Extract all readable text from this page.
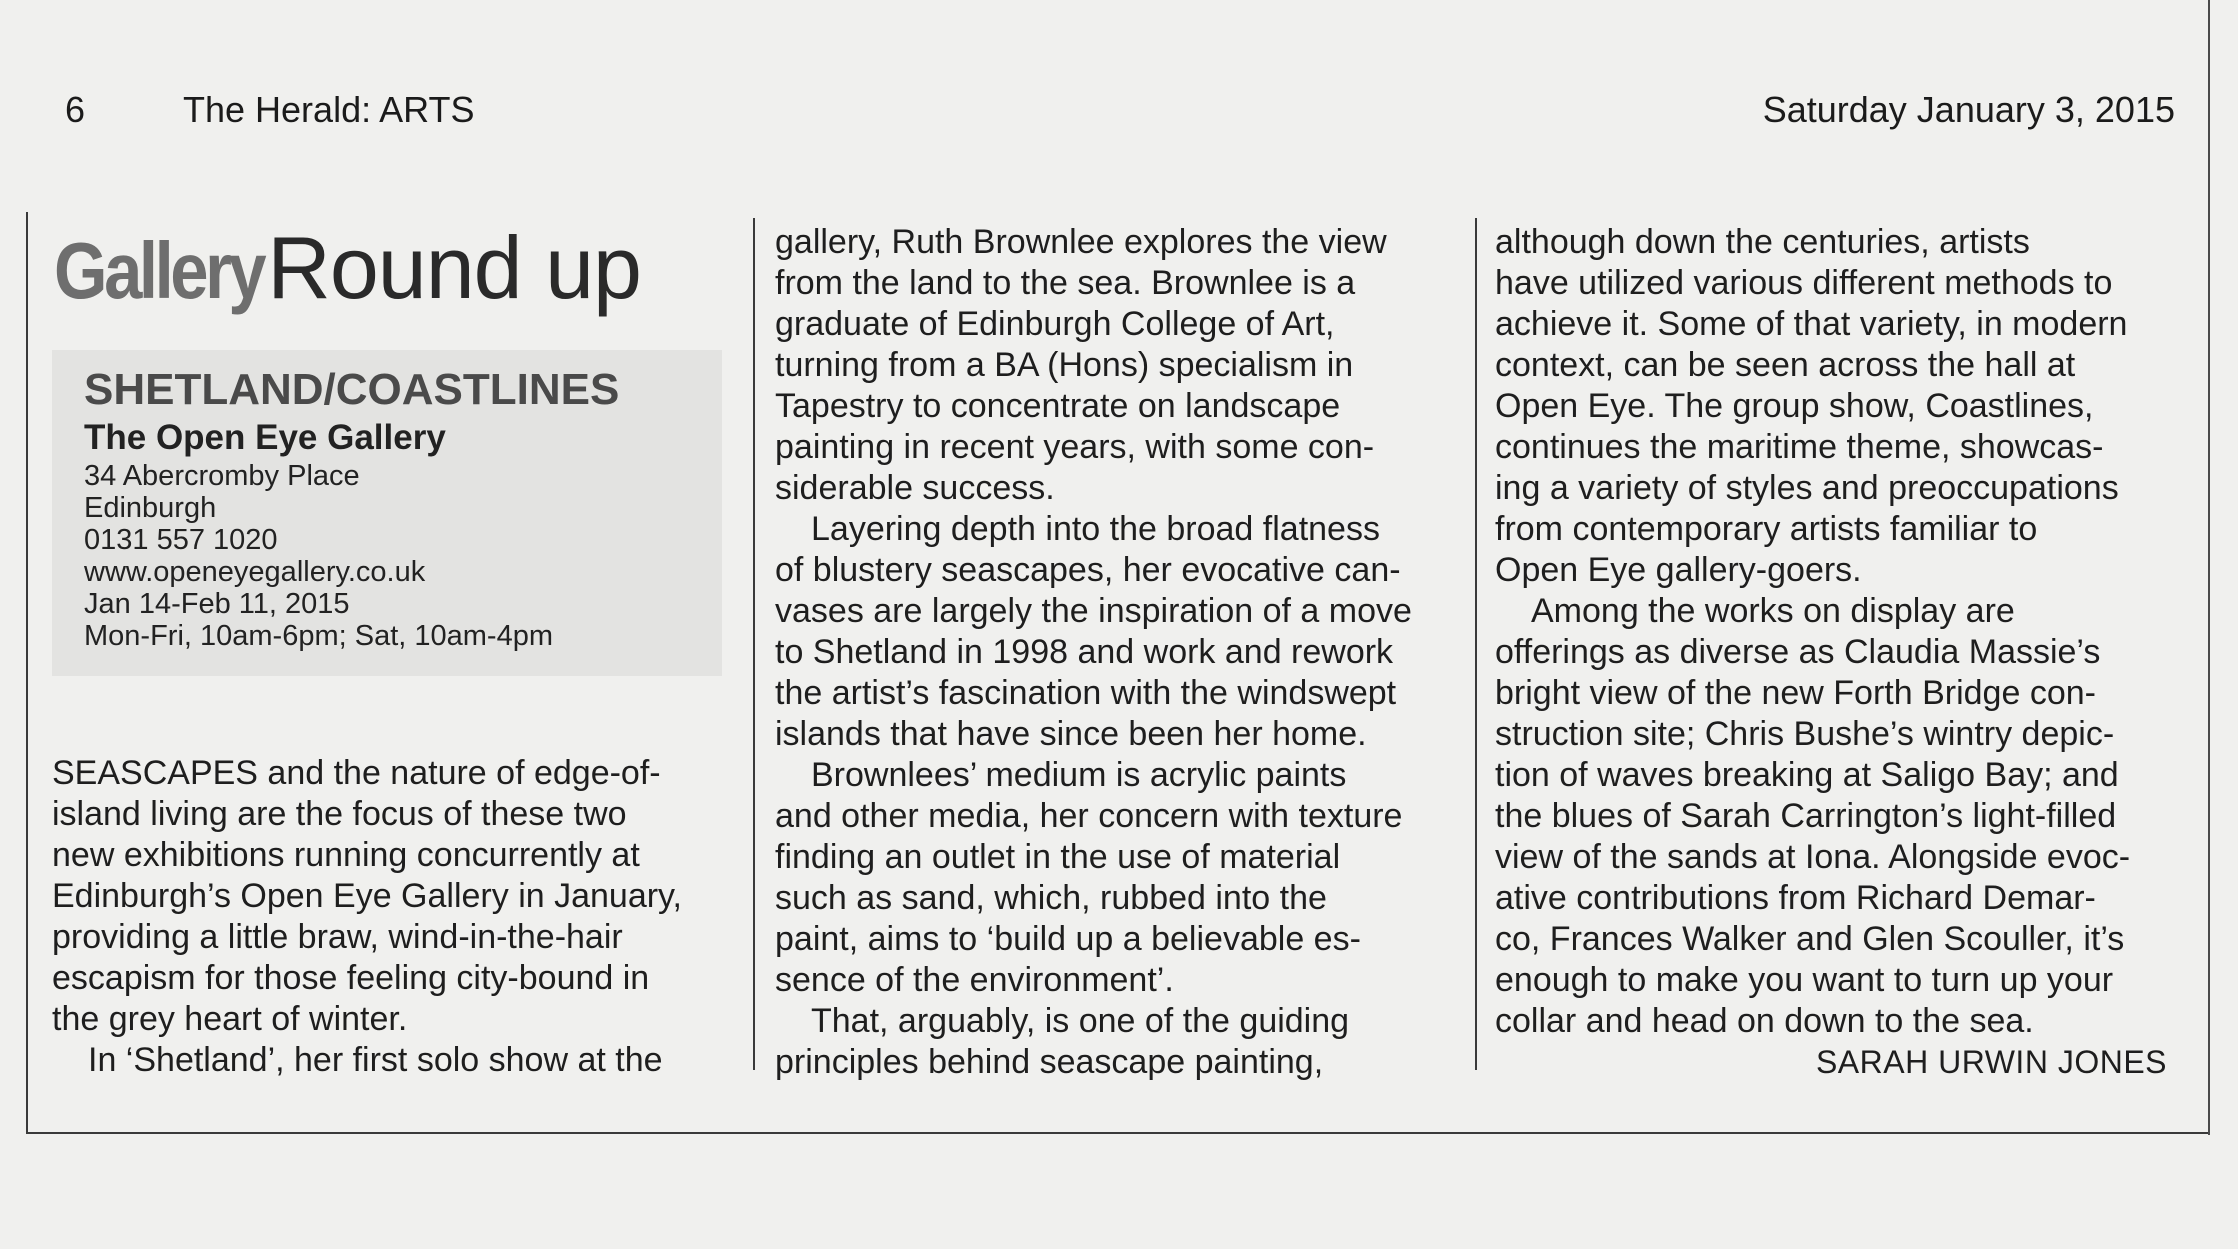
6	The Herald: ARTS	Saturday January 3, 2015
GalleryRound up
SHETLAND/COASTLINES
The Open Eye Gallery
34 Abercromby Place
Edinburgh
0131 557 1020
www.openeyegallery.co.uk
Jan 14-Feb 11, 2015
Mon-Fri, 10am-6pm; Sat, 10am-4pm
SEASCAPES and the nature of edge-of-
island living are the focus of these two
new exhibitions running concurrently at
Edinburgh’s Open Eye Gallery in January,
providing a little braw, wind-in-the-hair
escapism for those feeling city-bound in
the grey heart of winter.
In ‘Shetland’, her first solo show at the
gallery, Ruth Brownlee explores the view
from the land to the sea. Brownlee is a
graduate of Edinburgh College of Art,
turning from a BA (Hons) specialism in
Tapestry to concentrate on landscape
painting in recent years, with some con-
siderable success.
Layering depth into the broad flatness
of blustery seascapes, her evocative can-
vases are largely the inspiration of a move
to Shetland in 1998 and work and rework
the artist’s fascination with the windswept
islands that have since been her home.
Brownlees’ medium is acrylic paints
and other media, her concern with texture
finding an outlet in the use of material
such as sand, which, rubbed into the
paint, aims to ‘build up a believable es-
sence of the environment’.
That, arguably, is one of the guiding
principles behind seascape painting,
although down the centuries, artists
have utilized various different methods to
achieve it. Some of that variety, in modern
context, can be seen across the hall at
Open Eye. The group show, Coastlines,
continues the maritime theme, showcas-
ing a variety of styles and preoccupations
from contemporary artists familiar to
Open Eye gallery-goers.
Among the works on display are
offerings as diverse as Claudia Massie’s
bright view of the new Forth Bridge con-
struction site; Chris Bushe’s wintry depic-
tion of waves breaking at Saligo Bay; and
the blues of Sarah Carrington’s light-filled
view of the sands at Iona. Alongside evoc-
ative contributions from Richard Demar-
co, Frances Walker and Glen Scouller, it’s
enough to make you want to turn up your
collar and head on down to the sea.
SARAH URWIN JONES
